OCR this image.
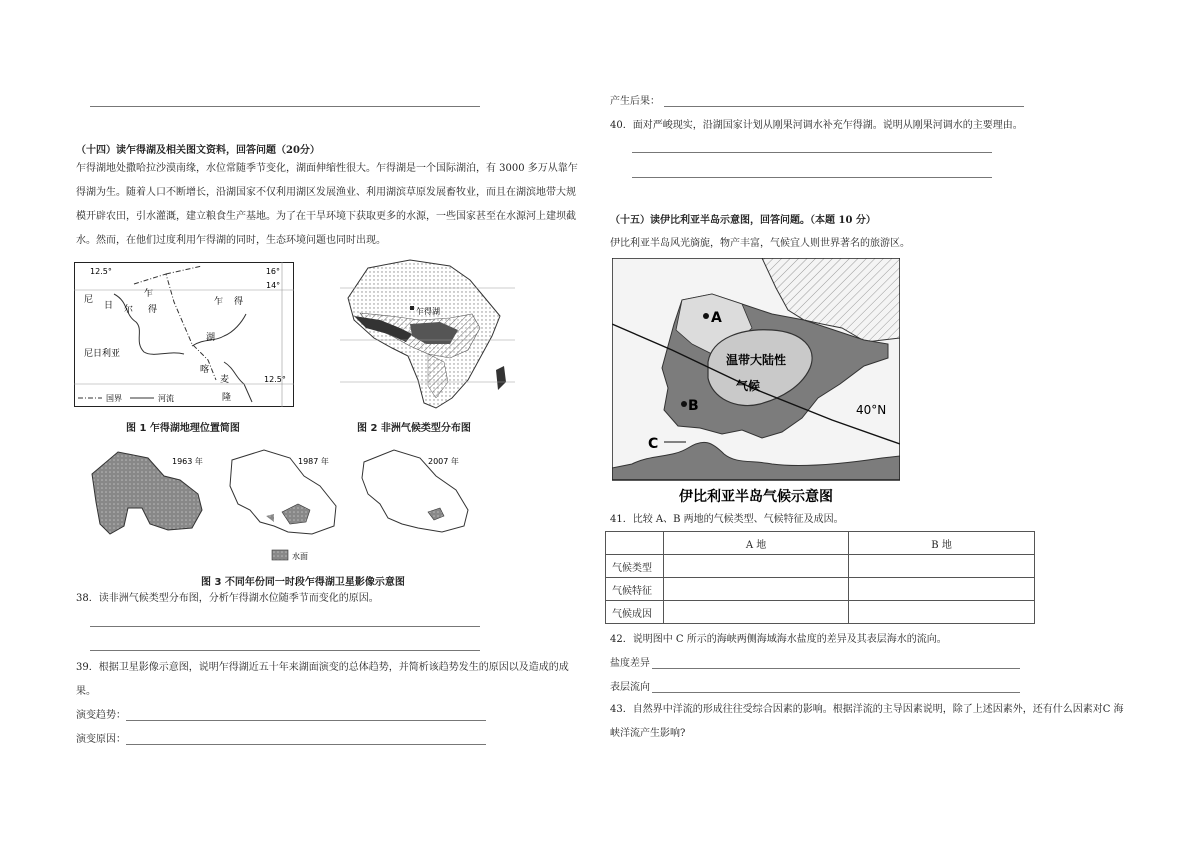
（十四）读乍得湖及相关图文资料，回答问题（20分）
乍得湖地处撒哈拉沙漠南缘，水位常随季节变化，湖面伸缩性很大。乍得湖是一个国际湖泊，有 3000 多万从靠乍得湖为生。随着人口不断增长，沿湖国家不仅利用湖区发展渔业、利用湖滨草原发展畜牧业，而且在湖滨地带大规模开辟农田，引水灌溉，建立粮食生产基地。为了在干旱环境下获取更多的水源，一些国家甚至在水源河上建坝截水。然而，在他们过度利用乍得湖的同时，生态环境问题也同时出现。
12.5°	16°
14°
12.5°
尼
日 尔
尼日利亚
乍
得
湖
乍 得
喀
麦
隆
国界	河流
图 1 乍得湖地理位置简图
乍得湖
图 2 非洲气候类型分布图
1963 年	1987 年	2007 年
水面
图 3 不同年份同一时段乍得湖卫星影像示意图
38．读非洲气候类型分布图，分析乍得湖水位随季节而变化的原因。
39．根据卫星影像示意图，说明乍得湖近五十年来湖面演变的总体趋势，并简析该趋势发生的原因以及造成的成果。
演变趋势：
演变原因：
产生后果：
40．面对严峻现实，沿湖国家计划从刚果河调水补充乍得湖。说明从刚果河调水的主要理由。
（十五）读伊比利亚半岛示意图，回答问题。（本题 10 分）
伊比利亚半岛风光旖旎，物产丰富，气候宜人则世界著名的旅游区。
A
B
C
温带大陆性
气候
40°N
伊比利亚半岛气候示意图
41．比较 A、B 两地的气候类型、气候特征及成因。
	A 地	B 地
气候类型		
气候特征		
气候成因		
42．说明图中 C 所示的海峡两侧海域海水盐度的差异及其表层海水的流向。
盐度差异
表层流向
43．自然界中洋流的形成往往受综合因素的影响。根据洋流的主导因素说明，除了上述因素外，还有什么因素对C 海峡洋流产生影响?
